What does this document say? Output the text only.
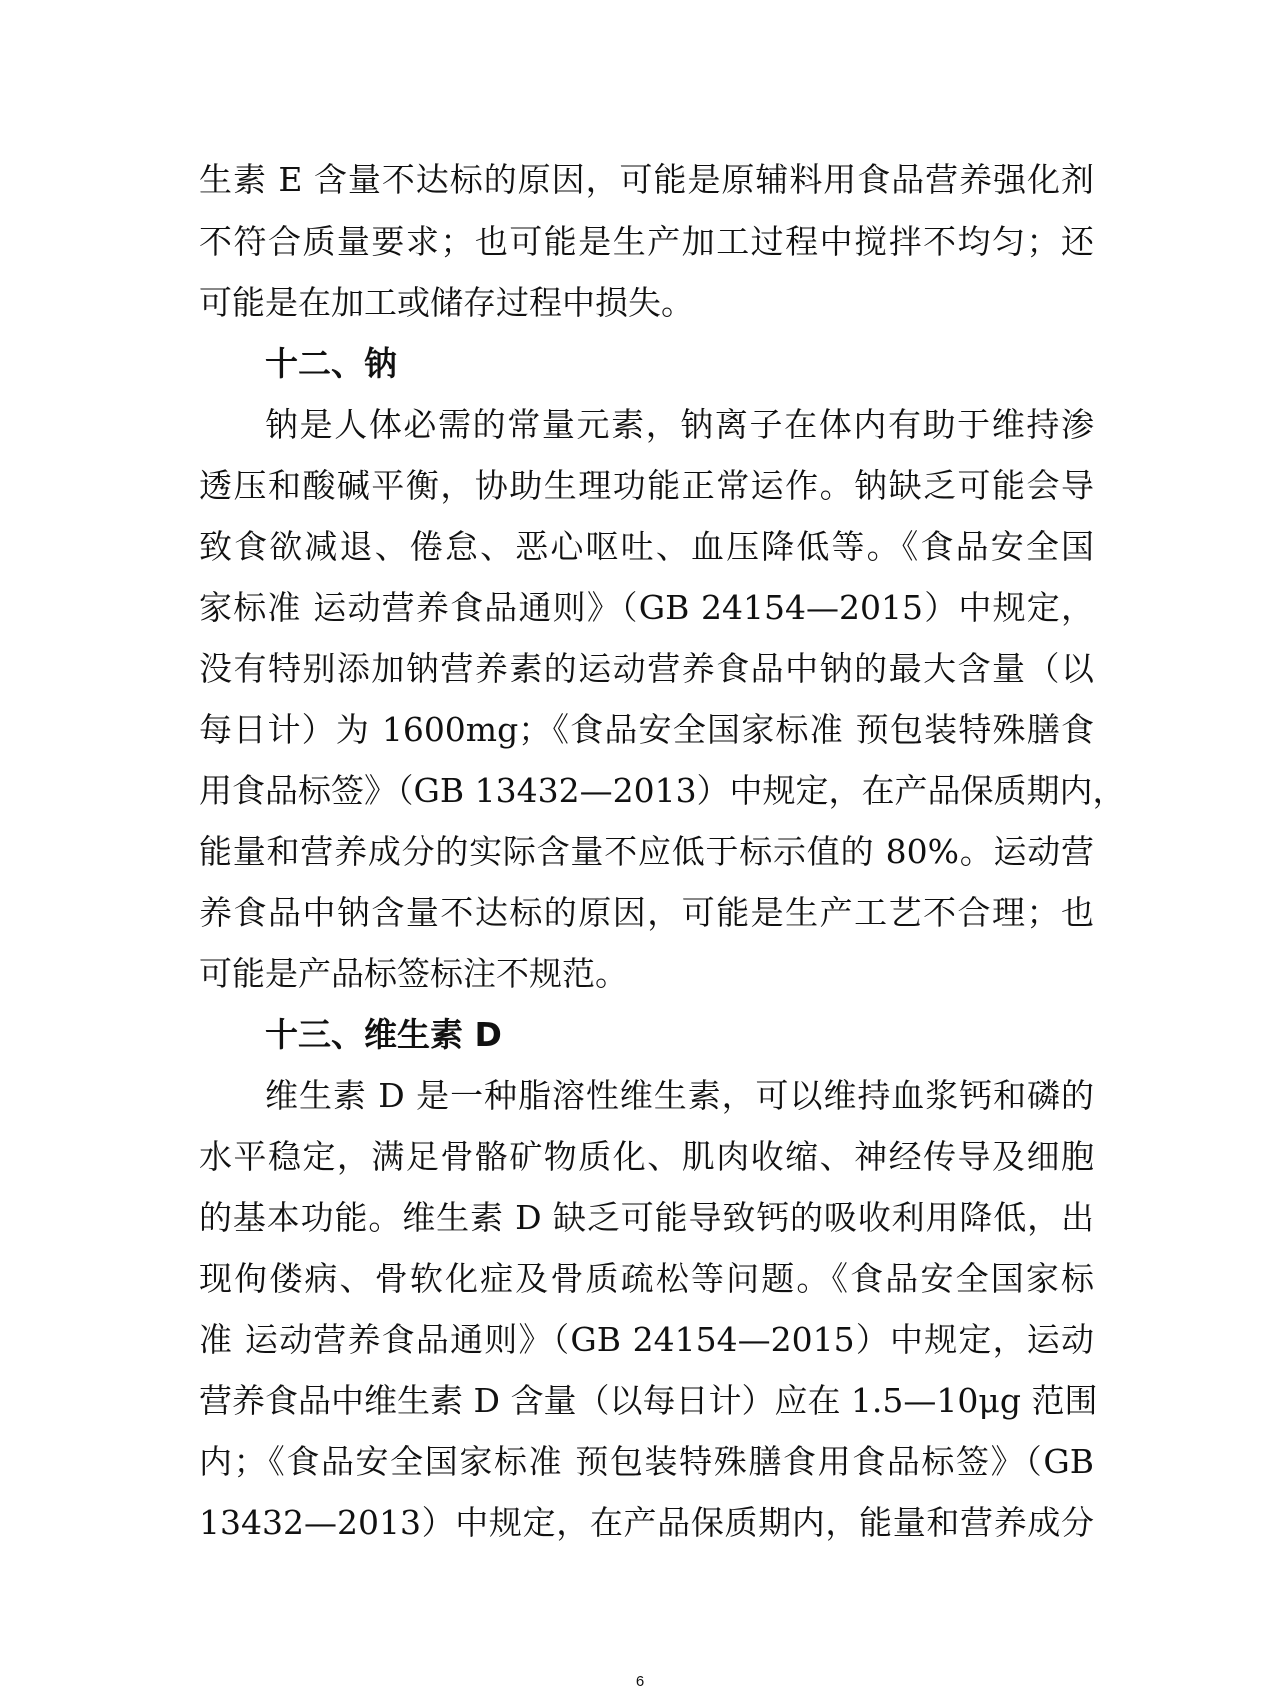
生素 E 含量不达标的原因，可能是原辅料用食品营养强化剂
不符合质量要求；也可能是生产加工过程中搅拌不均匀；还
可能是在加工或储存过程中损失。
十二、钠
钠是人体必需的常量元素，钠离子在体内有助于维持渗
透压和酸碱平衡，协助生理功能正常运作。钠缺乏可能会导
致食欲减退、倦怠、恶心呕吐、血压降低等。《食品安全国
家标准 运动营养食品通则》（GB 24154—2015）中规定，
没有特别添加钠营养素的运动营养食品中钠的最大含量（以
每日计）为 1600mg；《食品安全国家标准 预包装特殊膳食
用食品标签》（GB 13432—2013）中规定，在产品保质期内，
能量和营养成分的实际含量不应低于标示值的 80%。运动营
养食品中钠含量不达标的原因，可能是生产工艺不合理；也
可能是产品标签标注不规范。
十三、维生素 D
维生素 D 是一种脂溶性维生素，可以维持血浆钙和磷的
水平稳定，满足骨骼矿物质化、肌肉收缩、神经传导及细胞
的基本功能。维生素 D 缺乏可能导致钙的吸收利用降低，出
现佝偻病、骨软化症及骨质疏松等问题。《食品安全国家标
准 运动营养食品通则》（GB 24154—2015）中规定，运动
营养食品中维生素 D 含量（以每日计）应在 1.5—10μg 范围
内；《食品安全国家标准 预包装特殊膳食用食品标签》（GB
13432—2013）中规定，在产品保质期内，能量和营养成分
6
